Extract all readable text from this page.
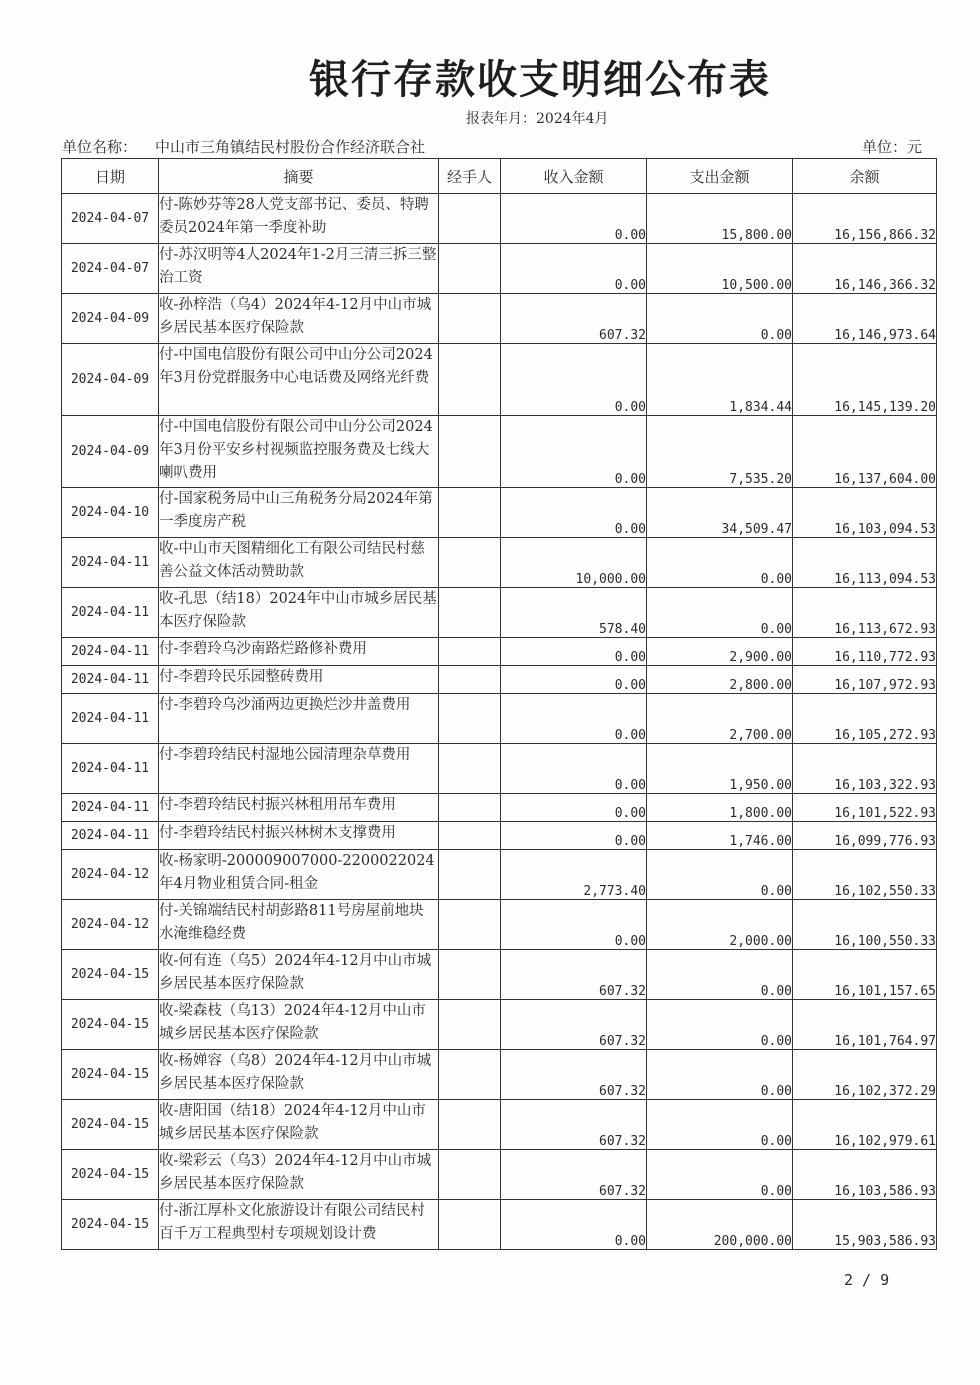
银行存款收支明细公布表
报表年月：2024年4月
单位名称： 中山市三角镇结民村股份合作经济联合社	单位：元
日期	摘要	经手人	收入金额	支出金额	余额
2024-04-07	付-陈妙芬等28人党支部书记、委员、特聘委员2024年第一季度补助		0.00	15,800.00	16,156,866.32
2024-04-07	付-苏汉明等4人2024年1-2月三清三拆三整治工资		0.00	10,500.00	16,146,366.32
2024-04-09	收-孙梓浩（乌4）2024年4-12月中山市城乡居民基本医疗保险款		607.32	0.00	16,146,973.64
2024-04-09	付-中国电信股份有限公司中山分公司2024年3月份党群服务中心电话费及网络光纤费		0.00	1,834.44	16,145,139.20
2024-04-09	付-中国电信股份有限公司中山分公司2024年3月份平安乡村视频监控服务费及七线大喇叭费用		0.00	7,535.20	16,137,604.00
2024-04-10	付-国家税务局中山三角税务分局2024年第一季度房产税		0.00	34,509.47	16,103,094.53
2024-04-11	收-中山市天图精细化工有限公司结民村慈善公益文体活动赞助款		10,000.00	0.00	16,113,094.53
2024-04-11	收-孔思（结18）2024年中山市城乡居民基本医疗保险款		578.40	0.00	16,113,672.93
2024-04-11	付-李碧玲乌沙南路烂路修补费用		0.00	2,900.00	16,110,772.93
2024-04-11	付-李碧玲民乐园整砖费用		0.00	2,800.00	16,107,972.93
2024-04-11	付-李碧玲乌沙涌两边更换烂沙井盖费用		0.00	2,700.00	16,105,272.93
2024-04-11	付-李碧玲结民村湿地公园清理杂草费用		0.00	1,950.00	16,103,322.93
2024-04-11	付-李碧玲结民村振兴林租用吊车费用		0.00	1,800.00	16,101,522.93
2024-04-11	付-李碧玲结民村振兴林树木支撑费用		0.00	1,746.00	16,099,776.93
2024-04-12	收-杨家明-200009007000-2200022024年4月物业租赁合同-租金		2,773.40	0.00	16,102,550.33
2024-04-12	付-关锦端结民村胡彭路811号房屋前地块水淹维稳经费		0.00	2,000.00	16,100,550.33
2024-04-15	收-何有连（乌5）2024年4-12月中山市城乡居民基本医疗保险款		607.32	0.00	16,101,157.65
2024-04-15	收-梁森枝（乌13）2024年4-12月中山市城乡居民基本医疗保险款		607.32	0.00	16,101,764.97
2024-04-15	收-杨婵容（乌8）2024年4-12月中山市城乡居民基本医疗保险款		607.32	0.00	16,102,372.29
2024-04-15	收-唐阳国（结18）2024年4-12月中山市城乡居民基本医疗保险款		607.32	0.00	16,102,979.61
2024-04-15	收-梁彩云（乌3）2024年4-12月中山市城乡居民基本医疗保险款		607.32	0.00	16,103,586.93
2024-04-15	付-浙江厚朴文化旅游设计有限公司结民村百千万工程典型村专项规划设计费		0.00	200,000.00	15,903,586.93
2 / 9
